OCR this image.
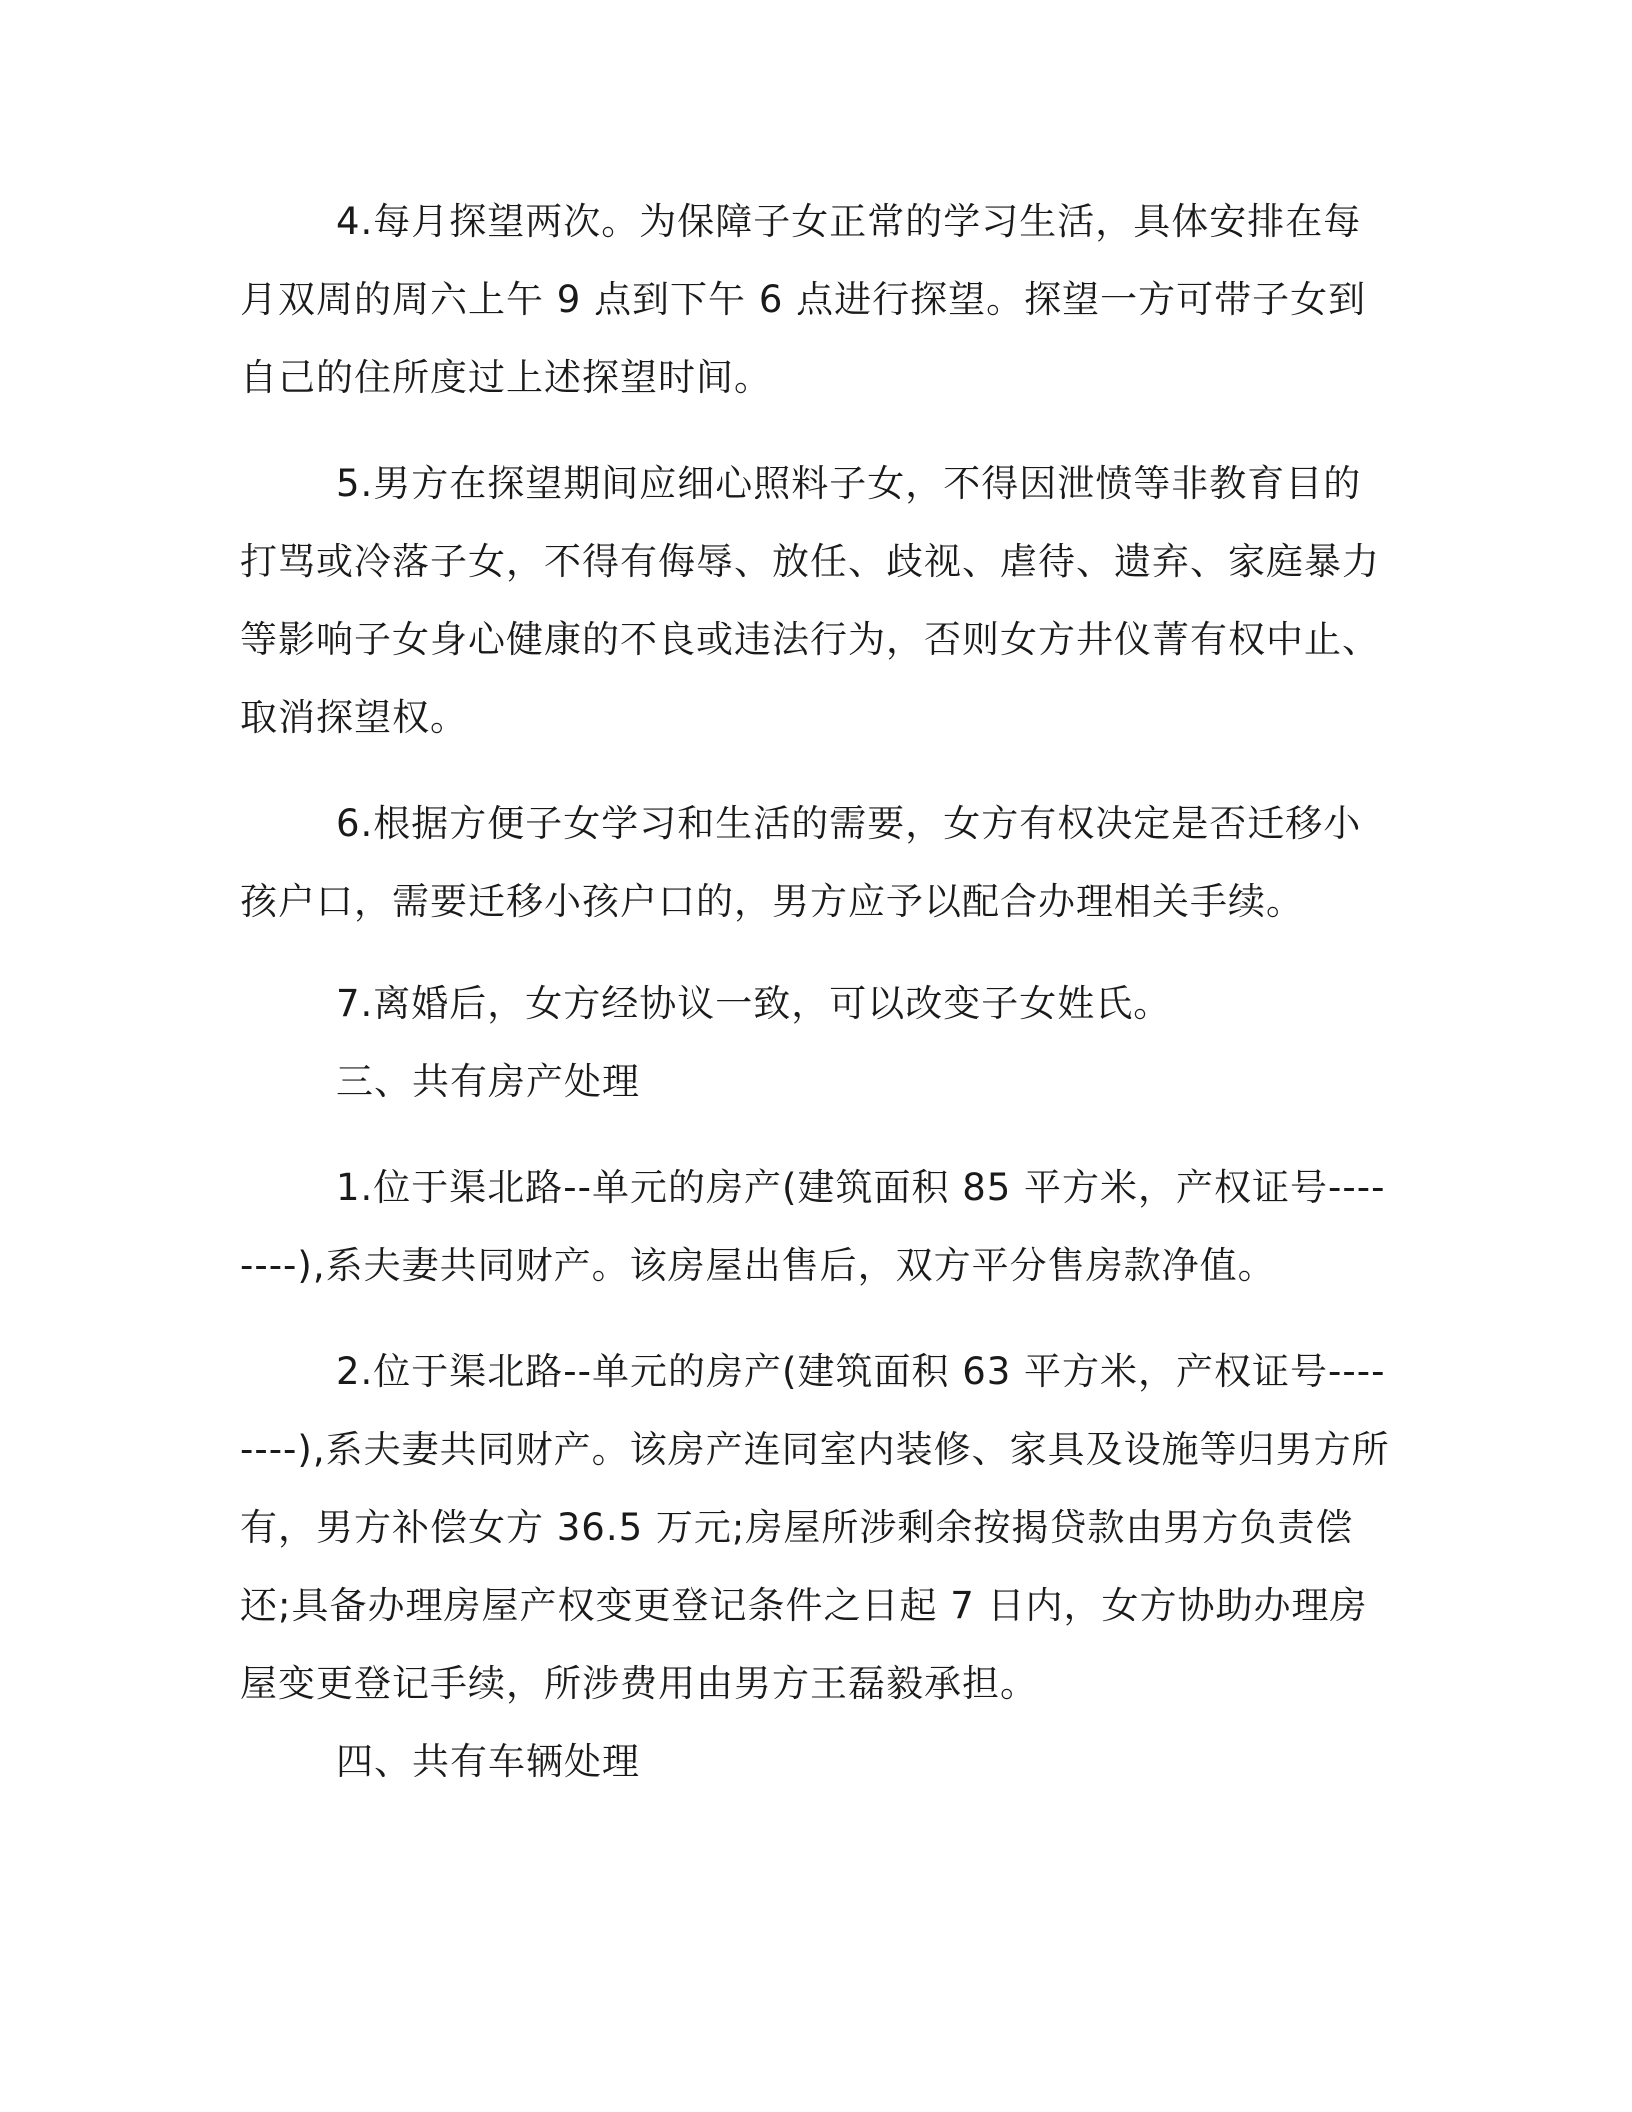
4.每月探望两次。为保障子女正常的学习生活，具体安排在每月双周的周六上午 9 点到下午 6 点进行探望。探望一方可带子女到自己的住所度过上述探望时间。

5.男方在探望期间应细心照料子女，不得因泄愤等非教育目的打骂或冷落子女，不得有侮辱、放任、歧视、虐待、遗弃、家庭暴力等影响子女身心健康的不良或违法行为，否则女方井仪菁有权中止、取消探望权。

6.根据方便子女学习和生活的需要，女方有权决定是否迁移小孩户口，需要迁移小孩户口的，男方应予以配合办理相关手续。

7.离婚后，女方经协议一致，可以改变子女姓氏。

三、共有房产处理

1.位于渠北路--单元的房产(建筑面积 85 平方米，产权证号--------),系夫妻共同财产。该房屋出售后，双方平分售房款净值。

2.位于渠北路--单元的房产(建筑面积 63 平方米，产权证号--------),系夫妻共同财产。该房产连同室内装修、家具及设施等归男方所有，男方补偿女方 36.5 万元;房屋所涉剩余按揭贷款由男方负责偿还;具备办理房屋产权变更登记条件之日起 7 日内，女方协助办理房屋变更登记手续，所涉费用由男方王磊毅承担。

四、共有车辆处理
